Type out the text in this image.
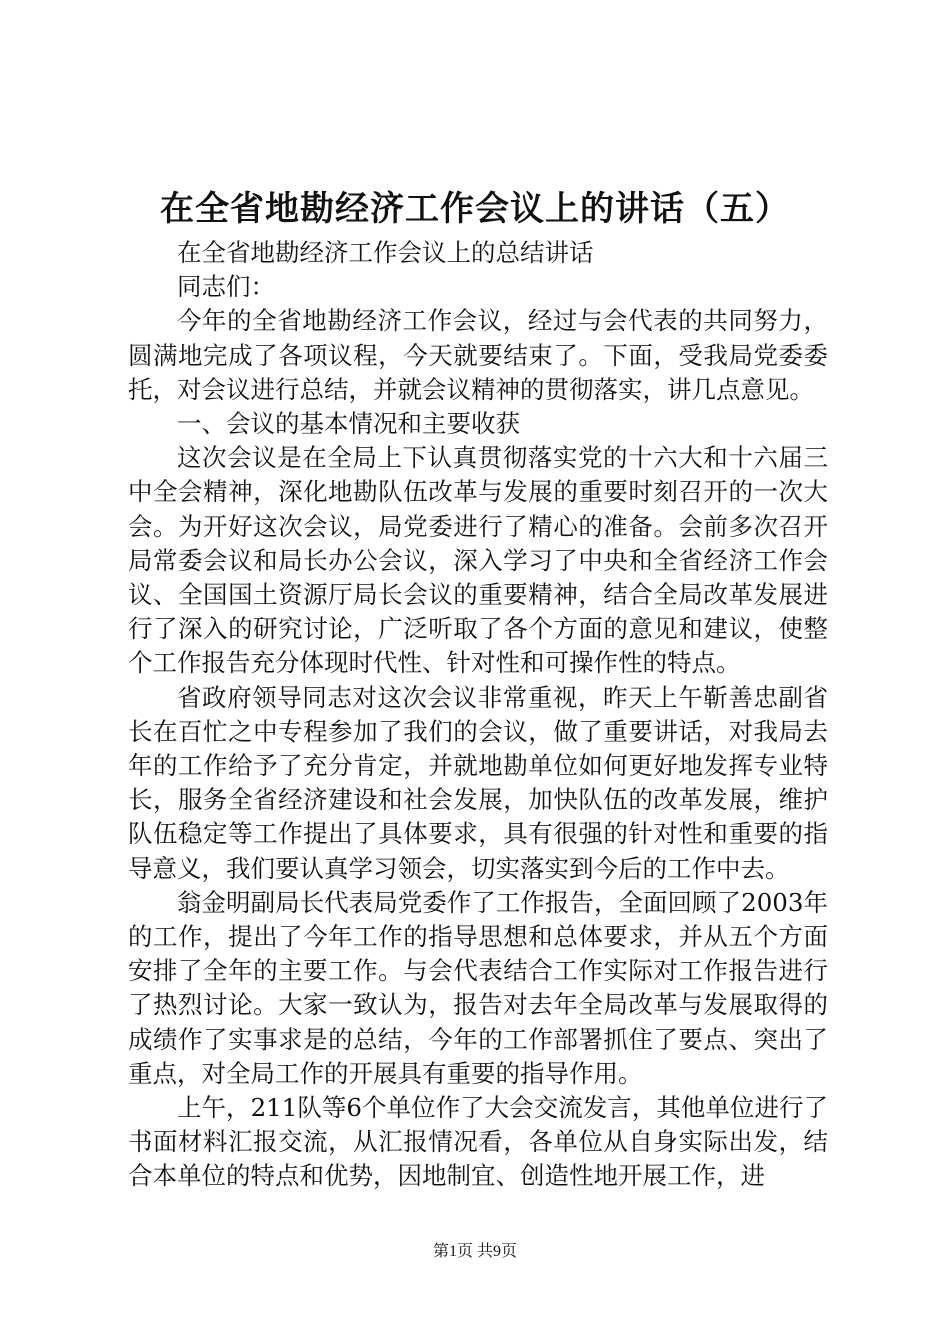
在全省地勘经济工作会议上的讲话（五）

在全省地勘经济工作会议上的总结讲话

同志们：

今年的全省地勘经济工作会议，经过与会代表的共同努力，圆满地完成了各项议程，今天就要结束了。下面，受我局党委委托，对会议进行总结，并就会议精神的贯彻落实，讲几点意见。

一、会议的基本情况和主要收获

这次会议是在全局上下认真贯彻落实党的十六大和十六届三中全会精神，深化地勘队伍改革与发展的重要时刻召开的一次大会。为开好这次会议，局党委进行了精心的准备。会前多次召开局常委会议和局长办公会议，深入学习了中央和全省经济工作会议、全国国土资源厅局长会议的重要精神，结合全局改革发展进行了深入的研究讨论，广泛听取了各个方面的意见和建议，使整个工作报告充分体现时代性、针对性和可操作性的特点。

省政府领导同志对这次会议非常重视，昨天上午靳善忠副省长在百忙之中专程参加了我们的会议，做了重要讲话，对我局去年的工作给予了充分肯定，并就地勘单位如何更好地发挥专业特长，服务全省经济建设和社会发展，加快队伍的改革发展，维护队伍稳定等工作提出了具体要求，具有很强的针对性和重要的指导意义，我们要认真学习领会，切实落实到今后的工作中去。

翁金明副局长代表局党委作了工作报告，全面回顾了2003年的工作，提出了今年工作的指导思想和总体要求，并从五个方面安排了全年的主要工作。与会代表结合工作实际对工作报告进行了热烈讨论。大家一致认为，报告对去年全局改革与发展取得的成绩作了实事求是的总结，今年的工作部署抓住了要点、突出了重点，对全局工作的开展具有重要的指导作用。

上午，211队等6个单位作了大会交流发言，其他单位进行了书面材料汇报交流，从汇报情况看，各单位从自身实际出发，结合本单位的特点和优势，因地制宜、创造性地开展工作，进

第1页 共9页
